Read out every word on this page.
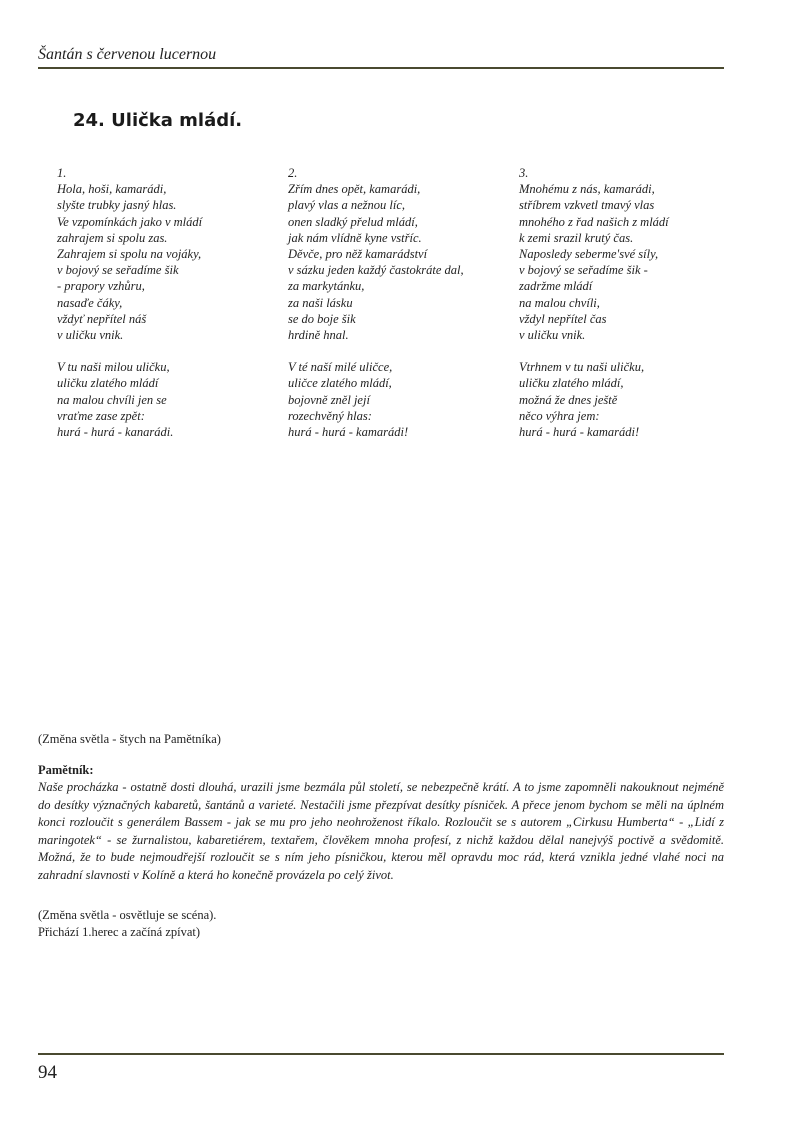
Šantán s červenou lucernou
24. Ulička mládí.
1.
Hola, hoši, kamarádi,
slyšte trubky jasný hlas.
Ve vzpomínkách jako v mládí
zahrajem si spolu zas.
Zahrajem si spolu na vojáky,
v bojový se seřadíme šik
- prapory vzhůru,
nasaďe čáky,
vždyť nepřítel náš
v uličku vnik.
V tu naši milou uličku,
uličku zlatého mládí
na malou chvíli jen se
vraťme zase zpět:
hurá - hurá - kanarádi.
2.
Zřím dnes opět, kamarádi,
plavý vlas a nežnou líc,
onen sladký přelud mládí,
jak nám vlídně kyne vstříc.
Děvče, pro něž kamarádství
v sázku jeden každý častokráte dal,
za markytánku,
za naši lásku
se do boje šik
hrdině hnal.
V té naší milé uličce,
uličce zlatého mládí,
bojovně zněl její
rozechvěný hlas:
hurá - hurá - kamarádi!
3.
Mnohému z nás, kamarádi,
stříbrem vzkvetl tmavý vlas
mnohého z řad našich z mládí
k zemi srazil krutý čas.
Naposledy seberme'své síly,
v bojový se seřadíme šik -
zadržme mládí
na malou chvíli,
vždyl nepřítel čas
v uličku vnik.
Vtrhnem v tu naši uličku,
uličku zlatého mládí,
možná že dnes ještě
něco výhra jem:
hurá - hurá - kamarádi!
(Změna světla - štych na Pamětníka)
Pamětník:

Naše procházka - ostatně dosti dlouhá, urazili jsme bezmála půl století, se nebezpečně krátí. A to jsme zapomněli nakouknout nejméně do desítky význačných kabaretů, šantánů a varieté. Nestačili jsme přezpívat desítky písniček. A přece jenom bychom se měli na úplném konci rozloučit s generálem Bassem - jak se mu pro jeho neohroženost říkalo. Rozloučit se s autorem „Cirkusu Humberta“ - „Lidí z maringotek“ - se žurnalistou, kabaretiérem, textařem, člověkem mnoha profesí, z nichž každou dělal nanejvýš poctivě a svědomitě. Možná, že to bude nejmoudřejší rozloučit se s ním jeho písničkou, kterou měl opravdu moc rád, která vznikla jedné vlahé noci na zahradní slavnosti v Kolíně a která ho konečně provázela po celý život.

(Změna světla - osvětluje se scéna).
Přichází 1.herec a začíná zpívat)
94
